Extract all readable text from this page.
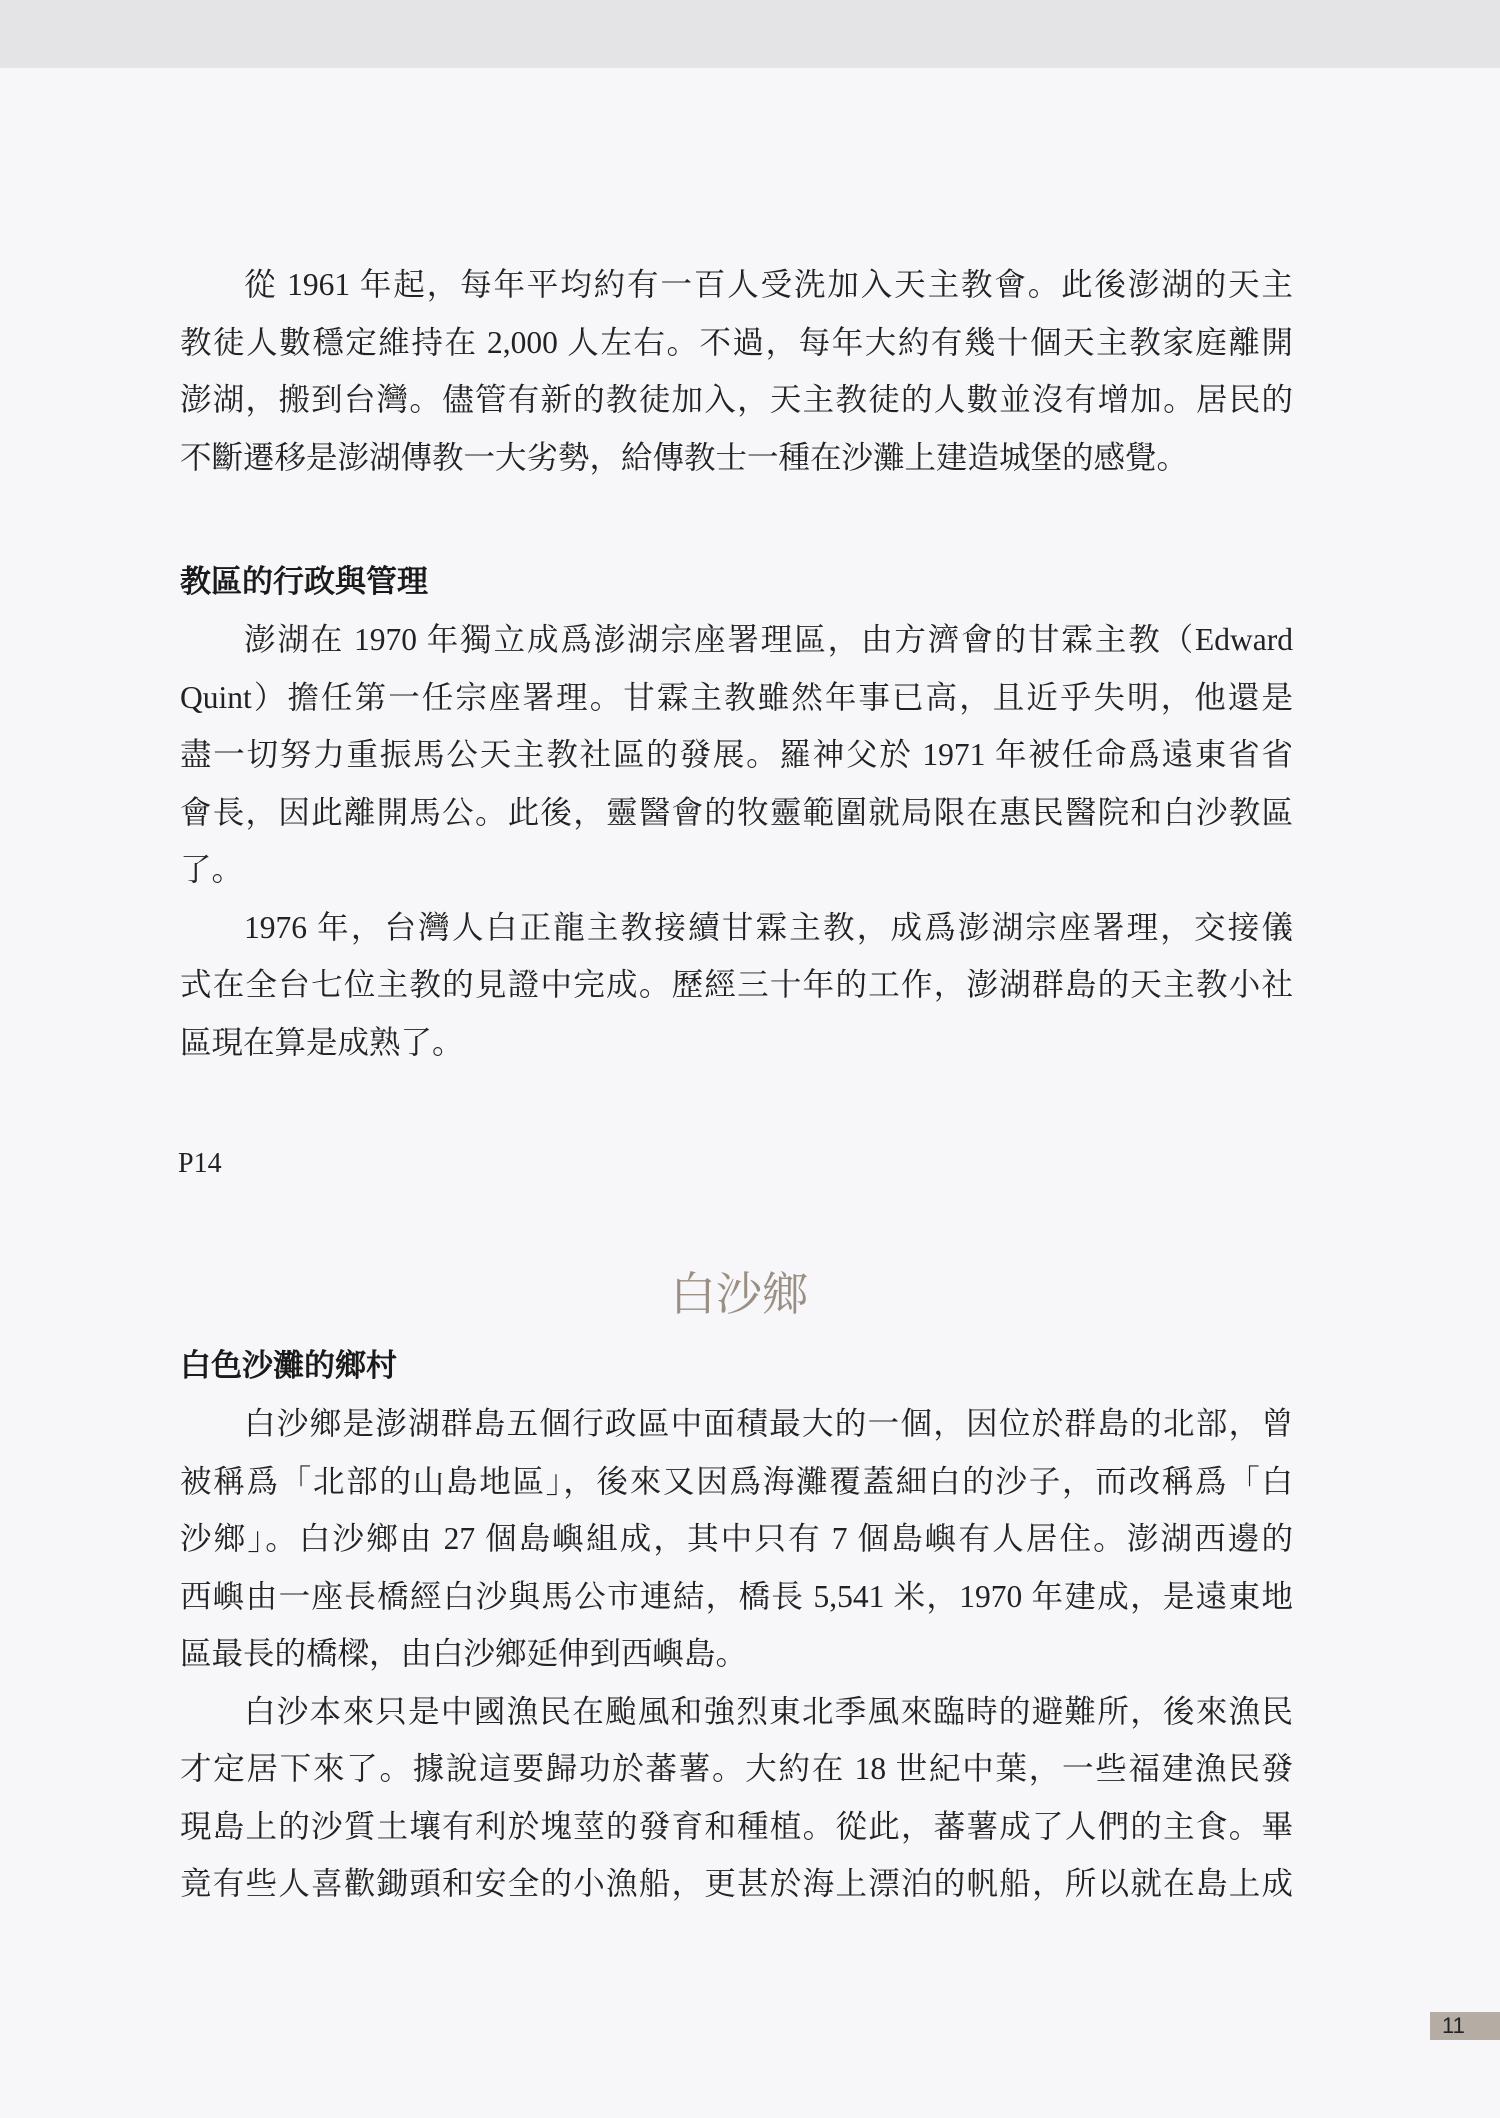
從 1961 年起，每年平均約有一百人受洗加入天主教會。此後澎湖的天主
教徒人數穩定維持在 2,000 人左右。不過，每年大約有幾十個天主教家庭離開
澎湖，搬到台灣。儘管有新的教徒加入，天主教徒的人數並沒有增加。居民的
不斷遷移是澎湖傳教一大劣勢，給傳教士一種在沙灘上建造城堡的感覺。
教區的行政與管理
澎湖在 1970 年獨立成爲澎湖宗座署理區，由方濟會的甘霖主教（Edward
Quint）擔任第一任宗座署理。甘霖主教雖然年事已高，且近乎失明，他還是
盡一切努力重振馬公天主教社區的發展。羅神父於 1971 年被任命爲遠東省省
會長，因此離開馬公。此後，靈醫會的牧靈範圍就局限在惠民醫院和白沙教區
了。
1976 年，台灣人白正龍主教接續甘霖主教，成爲澎湖宗座署理，交接儀
式在全台七位主教的見證中完成。歷經三十年的工作，澎湖群島的天主教小社
區現在算是成熟了。
P14
白沙鄉
白色沙灘的鄉村
白沙鄉是澎湖群島五個行政區中面積最大的一個，因位於群島的北部，曾
被稱爲「北部的山島地區」，後來又因爲海灘覆蓋細白的沙子，而改稱爲「白
沙鄉」。白沙鄉由 27 個島嶼組成，其中只有 7 個島嶼有人居住。澎湖西邊的
西嶼由一座長橋經白沙與馬公市連結，橋長 5,541 米，1970 年建成，是遠東地
區最長的橋樑，由白沙鄉延伸到西嶼島。
白沙本來只是中國漁民在颱風和強烈東北季風來臨時的避難所，後來漁民
才定居下來了。據說這要歸功於蕃薯。大約在 18 世紀中葉，一些福建漁民發
現島上的沙質土壤有利於塊莖的發育和種植。從此，蕃薯成了人們的主食。畢
竟有些人喜歡鋤頭和安全的小漁船，更甚於海上漂泊的帆船，所以就在島上成
11
